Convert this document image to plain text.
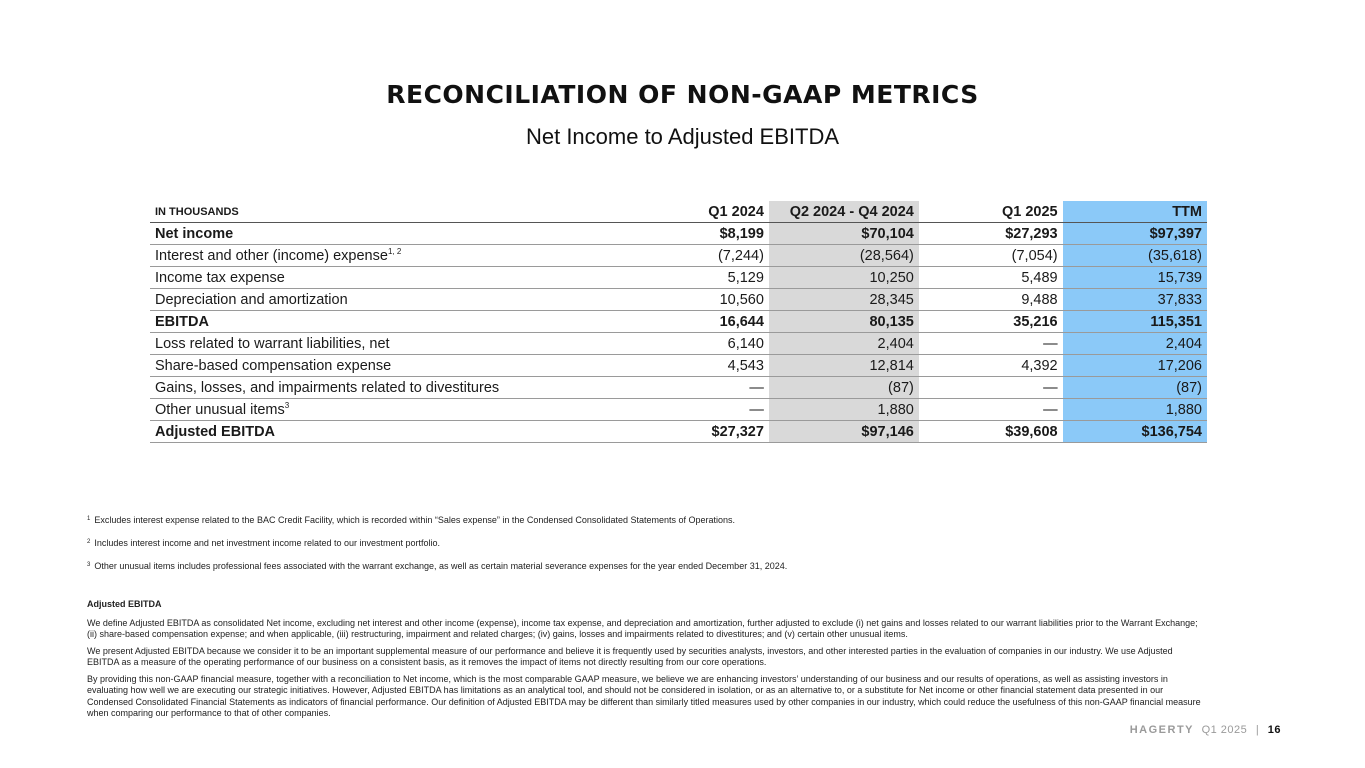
RECONCILIATION OF NON-GAAP METRICS
Net Income to Adjusted EBITDA
IN THOUSANDS	Q1 2024	Q2 2024 - Q4 2024	Q1 2025	TTM
Net income	$8,199	$70,104	$27,293	$97,397
Interest and other (income) expense$^{1, 2}$	(7,244)	(28,564)	(7,054)	(35,618)
Income tax expense	5,129	10,250	5,489	15,739
Depreciation and amortization	10,560	28,345	9,488	37,833
EBITDA	16,644	80,135	35,216	115,351
Loss related to warrant liabilities, net	6,140	2,404	—	2,404
Share-based compensation expense	4,543	12,814	4,392	17,206
Gains, losses, and impairments related to divestitures	—	(87)	—	(87)
Other unusual items$^3$	—	1,880	—	1,880
Adjusted EBITDA	$27,327	$97,146	$39,608	$136,754
$^1$ Excludes interest expense related to the BAC Credit Facility, which is recorded within “Sales expense” in the Condensed Consolidated Statements of Operations.
$^2$ Includes interest income and net investment income related to our investment portfolio.
$^3$ Other unusual items includes professional fees associated with the warrant exchange, as well as certain material severance expenses for the year ended December 31, 2024.
Adjusted EBITDA

We define Adjusted EBITDA as consolidated Net income, excluding net interest and other income (expense), income tax expense, and depreciation and amortization, further adjusted to exclude (i) net gains and losses related to our warrant liabilities prior to the Warrant Exchange; (ii) share-based compensation expense; and when applicable, (iii) restructuring, impairment and related charges; (iv) gains, losses and impairments related to divestitures; and (v) certain other unusual items.

We present Adjusted EBITDA because we consider it to be an important supplemental measure of our performance and believe it is frequently used by securities analysts, investors, and other interested parties in the evaluation of companies in our industry. We use Adjusted EBITDA as a measure of the operating performance of our business on a consistent basis, as it removes the impact of items not directly resulting from our core operations.

By providing this non-GAAP financial measure, together with a reconciliation to Net income, which is the most comparable GAAP measure, we believe we are enhancing investors’ understanding of our business and our results of operations, as well as assisting investors in evaluating how well we are executing our strategic initiatives. However, Adjusted EBITDA has limitations as an analytical tool, and should not be considered in isolation, or as an alternative to, or a substitute for Net income or other financial statement data presented in our Condensed Consolidated Financial Statements as indicators of financial performance. Our definition of Adjusted EBITDA may be different than similarly titled measures used by other companies in our industry, which could reduce the usefulness of this non-GAAP financial measure when comparing our performance to that of other companies.

HAGERTY Q1 2025 | 16
